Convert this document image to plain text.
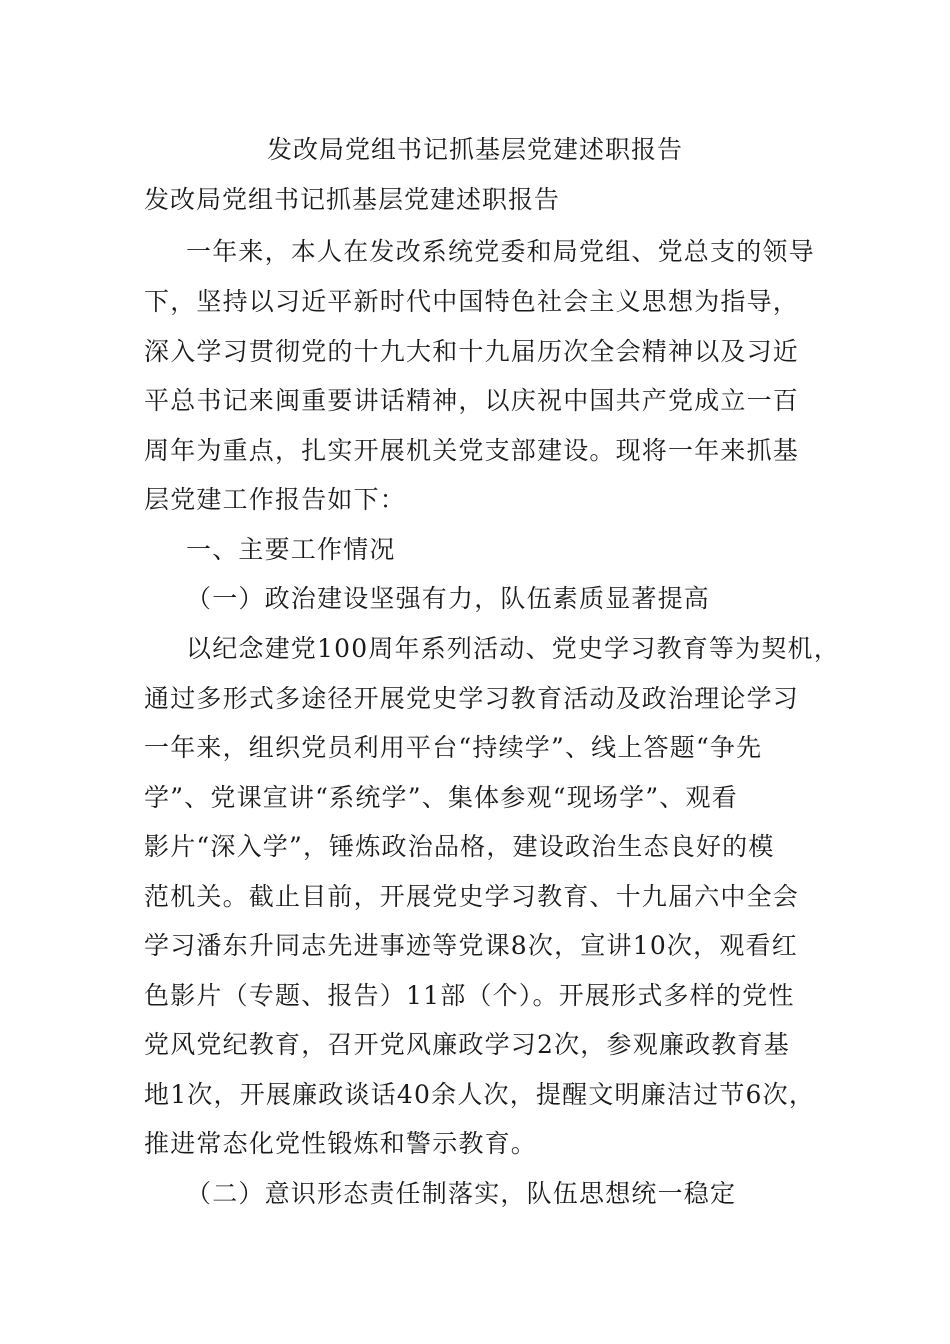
发改局党组书记抓基层党建述职报告

发改局党组书记抓基层党建述职报告

一年来，本人在发改系统党委和局党组、党总支的领导

下，坚持以习近平新时代中国特色社会主义思想为指导，

深入学习贯彻党的十九大和十九届历次全会精神以及习近

平总书记来闽重要讲话精神，以庆祝中国共产党成立一百

周年为重点，扎实开展机关党支部建设。现将一年来抓基

层党建工作报告如下：

一、主要工作情况

（一）政治建设坚强有力，队伍素质显著提高

以纪念建党100周年系列活动、党史学习教育等为契机，

通过多形式多途径开展党史学习教育活动及政治理论学习

一年来，组织党员利用平台“持续学”、线上答题“争先

学”、党课宣讲“系统学”、集体参观“现场学”、观看

影片“深入学”，锤炼政治品格，建设政治生态良好的模

范机关。截止目前，开展党史学习教育、十九届六中全会

学习潘东升同志先进事迹等党课8次，宣讲10次，观看红

色影片（专题、报告）11部（个）。开展形式多样的党性

党风党纪教育，召开党风廉政学习2次，参观廉政教育基

地1次，开展廉政谈话40余人次，提醒文明廉洁过节6次，

推进常态化党性锻炼和警示教育。

（二）意识形态责任制落实，队伍思想统一稳定
